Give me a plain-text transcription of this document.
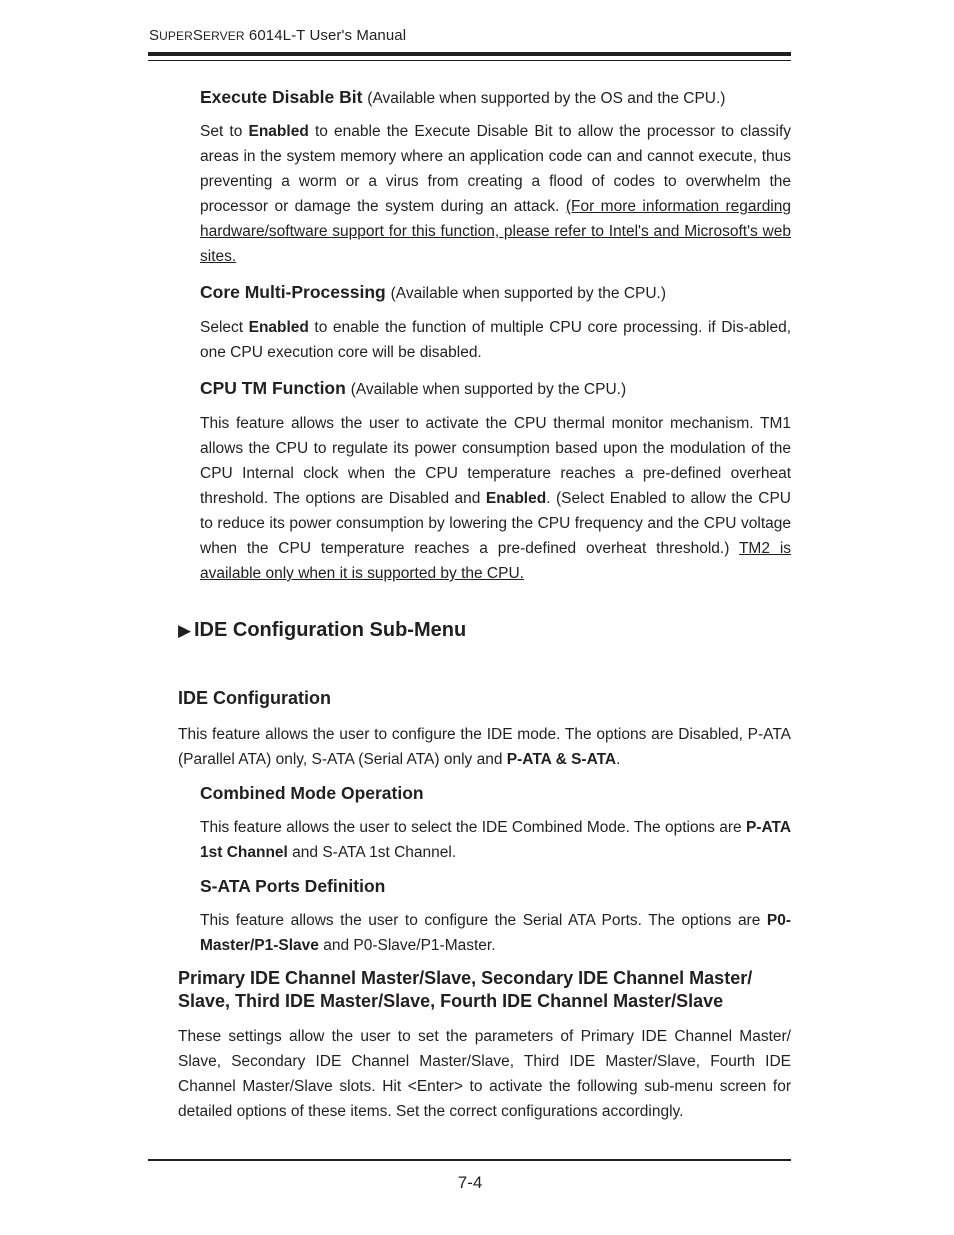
SUPERSERVER 6014L-T User's Manual
Execute Disable Bit (Available when supported by the OS and the CPU.)
Set to Enabled to enable the Execute Disable Bit to allow the processor to classify areas in the system memory where an application code can and cannot execute, thus preventing a worm or a virus from creating a flood of codes to overwhelm the processor or damage the system during an attack. (For more information regarding hardware/software support for this function, please refer to Intel's and Microsoft's web sites.
Core Multi-Processing (Available when supported by the CPU.)
Select Enabled to enable the function of multiple CPU core processing. if Dis-abled, one CPU execution core will be disabled.
CPU TM Function (Available when supported by the CPU.)
This feature allows the user to activate the CPU thermal monitor mechanism. TM1 allows the CPU to regulate its power consumption based upon the modulation of the CPU Internal clock when the CPU temperature reaches a pre-defined overheat threshold. The options are Disabled and Enabled. (Select Enabled to allow the CPU to reduce its power consumption by lowering the CPU frequency and the CPU voltage when the CPU temperature reaches a pre-defined overheat threshold.) TM2 is available only when it is supported by the CPU.
▶ IDE Configuration Sub-Menu
IDE Configuration
This feature allows the user to configure the IDE mode. The options are Disabled, P-ATA (Parallel ATA) only, S-ATA (Serial ATA) only and P-ATA & S-ATA.
Combined Mode Operation
This feature allows the user to select the IDE Combined Mode. The options are P-ATA 1st Channel and S-ATA 1st Channel.
S-ATA Ports Definition
This feature allows the user to configure the Serial ATA Ports. The options are P0-Master/P1-Slave and P0-Slave/P1-Master.
Primary IDE Channel Master/Slave, Secondary IDE Channel Master/
Slave, Third IDE Master/Slave, Fourth IDE Channel Master/Slave
These settings allow the user to set the parameters of Primary IDE Channel Master/ Slave, Secondary IDE Channel Master/Slave, Third IDE Master/Slave, Fourth IDE Channel Master/Slave slots. Hit <Enter> to activate the following sub-menu screen for detailed options of these items. Set the correct configurations accordingly.
7-4
